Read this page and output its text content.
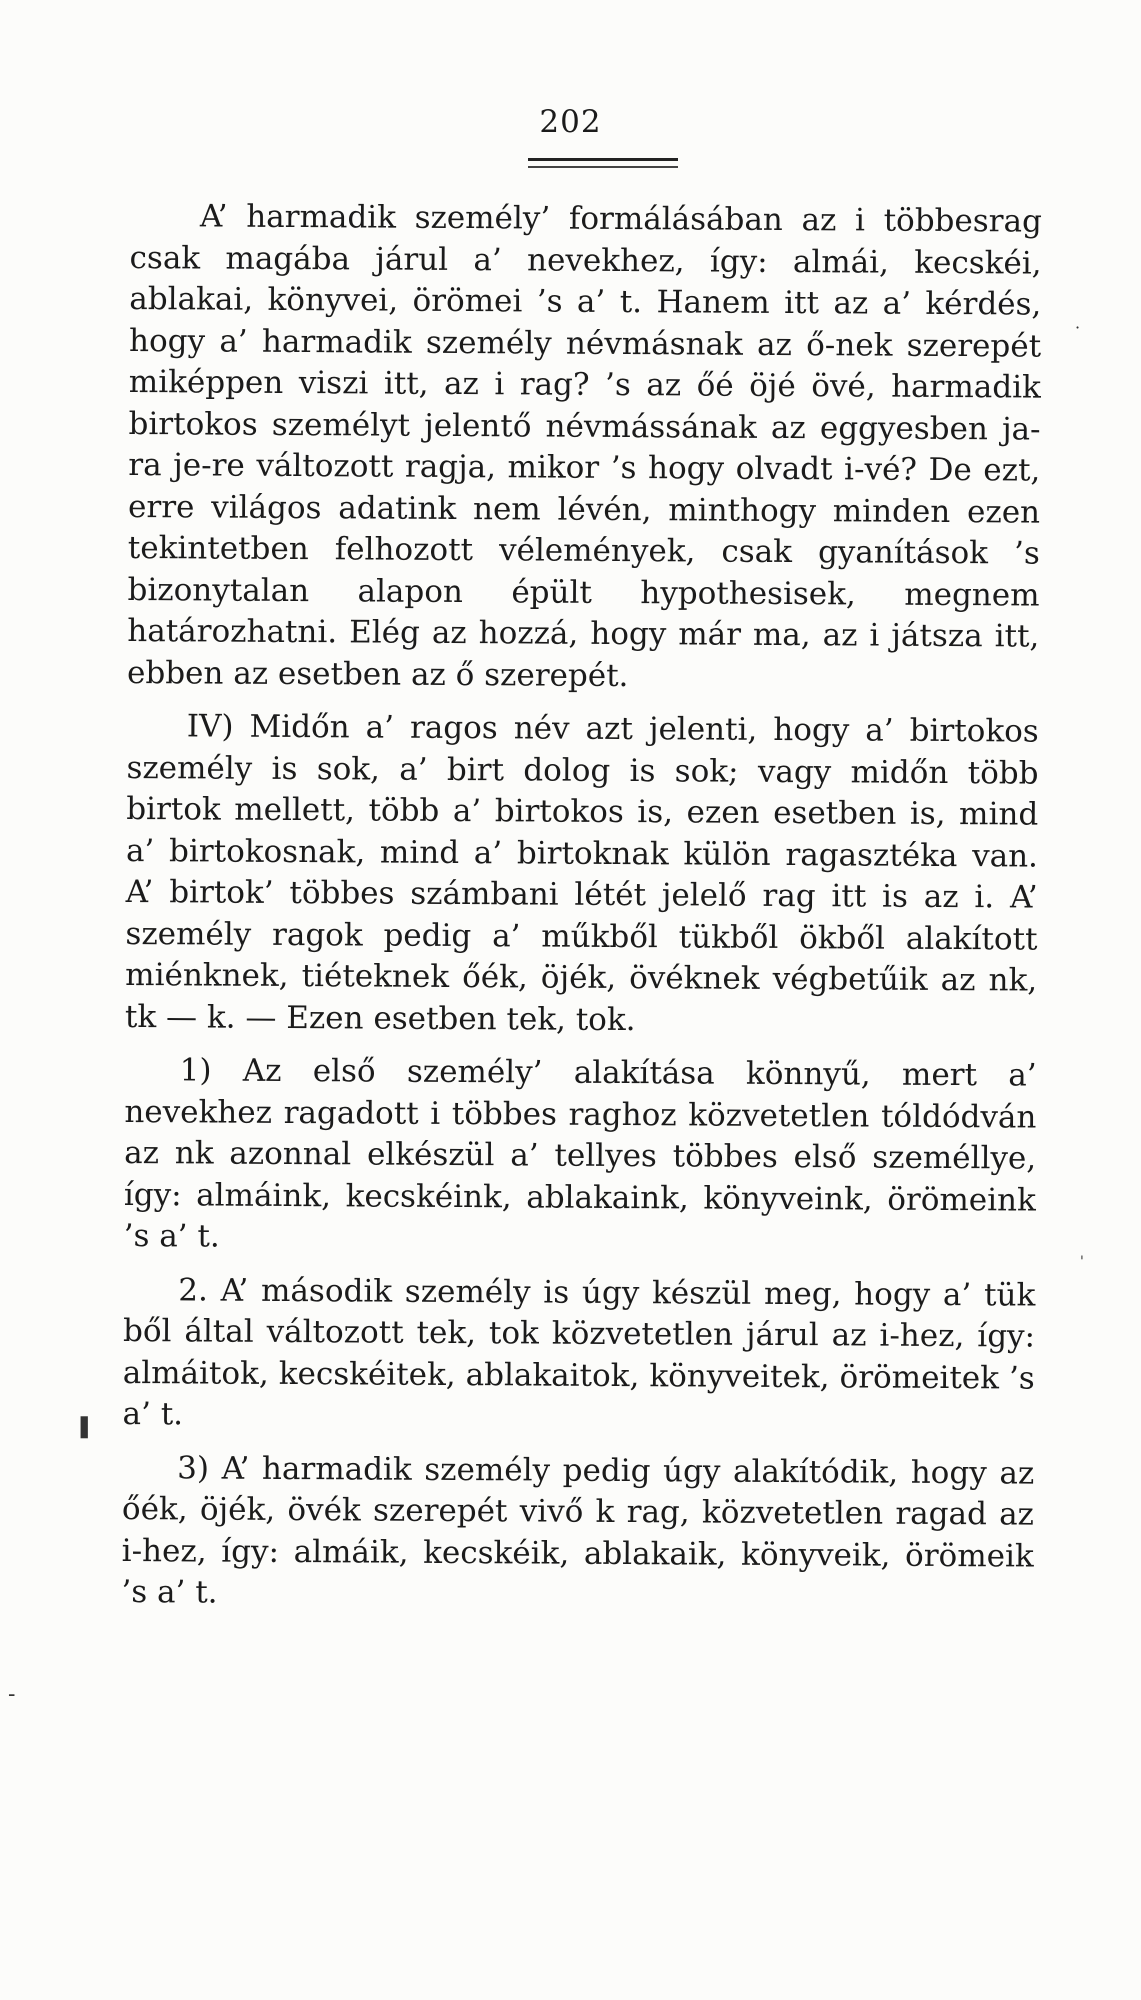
202

A’ harmadik személy’ formálásában az i többesrag csak magába járul a’ nevekhez, így: almái, kecskéi, ablakai, könyvei, örömei ’s a’ t. Hanem itt az a’ kérdés, hogy a’ harmadik személy névmásnak az ő-nek szerepét miképpen viszi itt, az i rag? ’s az őé öjé övé, harmadik birtokos személyt jelentő névmássának az eggyesben ja-ra je-re változott ragja, mikor ’s hogy olvadt i-vé? De ezt, erre világos adatink nem lévén, minthogy minden ezen tekintetben felhozott vélemények, csak gyanítások ’s bizonytalan alapon épült hypothesisek, megnem határozhatni. Elég az hozzá, hogy már ma, az i játsza itt, ebben az esetben az ő szerepét.

IV) Midőn a’ ragos név azt jelenti, hogy a’ birtokos személy is sok, a’ birt dolog is sok; vagy midőn több birtok mellett, több a’ birtokos is, ezen esetben is, mind a’ birtokosnak, mind a’ birtoknak külön ragasztéka van. A’ birtok’ többes számbani létét jelelő rag itt is az i. A’ személy ragok pedig a’ műkből tükből ökből alakított miénknek, tiéteknek őék, öjék, övéknek végbetűik az nk, tk — k. — Ezen esetben tek, tok.

1) Az első személy’ alakítása könnyű, mert a’ nevekhez ragadott i többes raghoz közvetetlen tóldódván az nk azonnal elkészül a’ tellyes többes első személlye, így: almáink, kecskéink, ablakaink, könyveink, örömeink ’s a’ t.

2. A’ második személy is úgy készül meg, hogy a’ tük ből által változott tek, tok közvetetlen járul az i-hez, így: almáitok, kecskéitek, ablakaitok, könyveitek, örömeitek ’s a’ t.

3) A’ harmadik személy pedig úgy alakítódik, hogy az őék, öjék, övék szerepét vivő k rag, közvetetlen ragad az i-hez, így: almáik, kecskéik, ablakaik, könyveik, örömeik ’s a’ t.

❚
-
·
'
